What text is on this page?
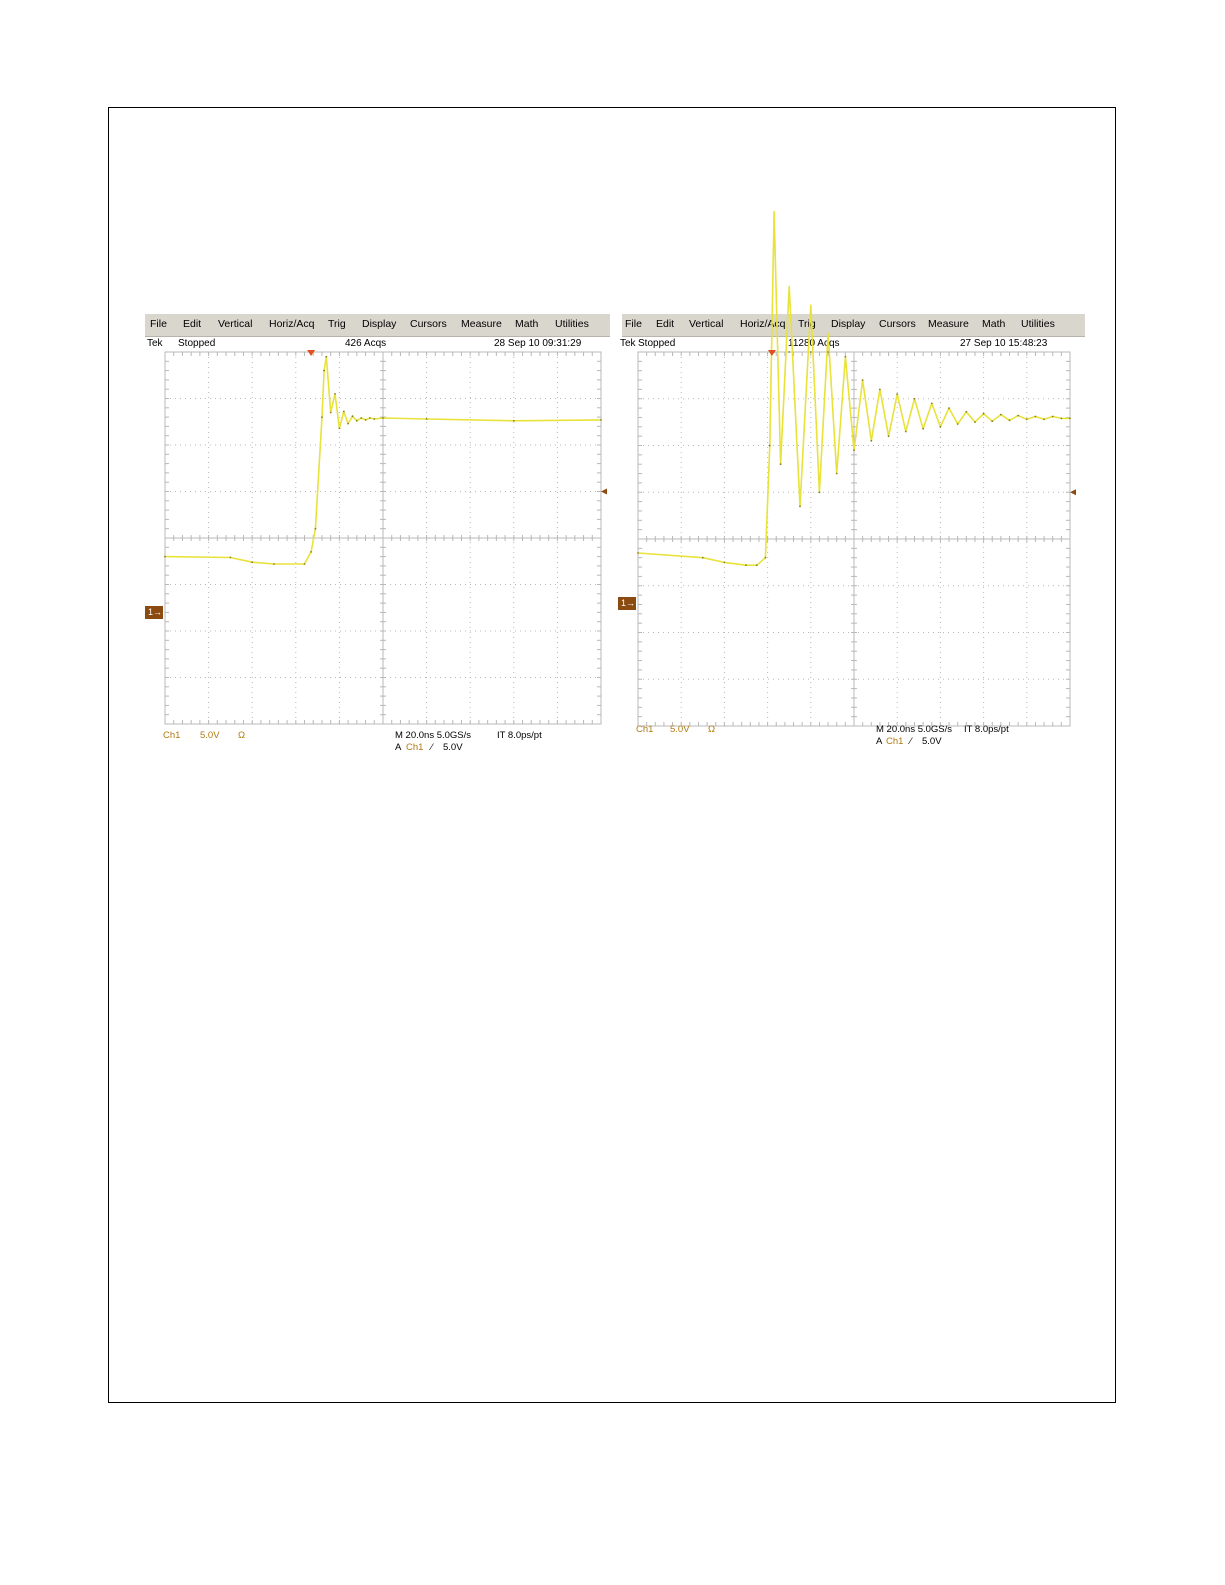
File Edit Vertical Horiz/Acq Trig Display Cursors Measure Math Utilities
Tek Stopped	426 Acqs	28 Sep 10 09:31:29
1→
Ch1 5.0V Ω	M 20.0ns 5.0GS/s	IT 8.0ps/pt
A Ch1 ⁄ 5.0V
File Edit Vertical Horiz/Acq Trig Display Cursors Measure Math Utilities
Tek Stopped	11280 Acqs	27 Sep 10 15:48:23
1→
Ch1 5.0V Ω	M 20.0ns 5.0GS/s IT 8.0ps/pt
A Ch1 ⁄ 5.0V
